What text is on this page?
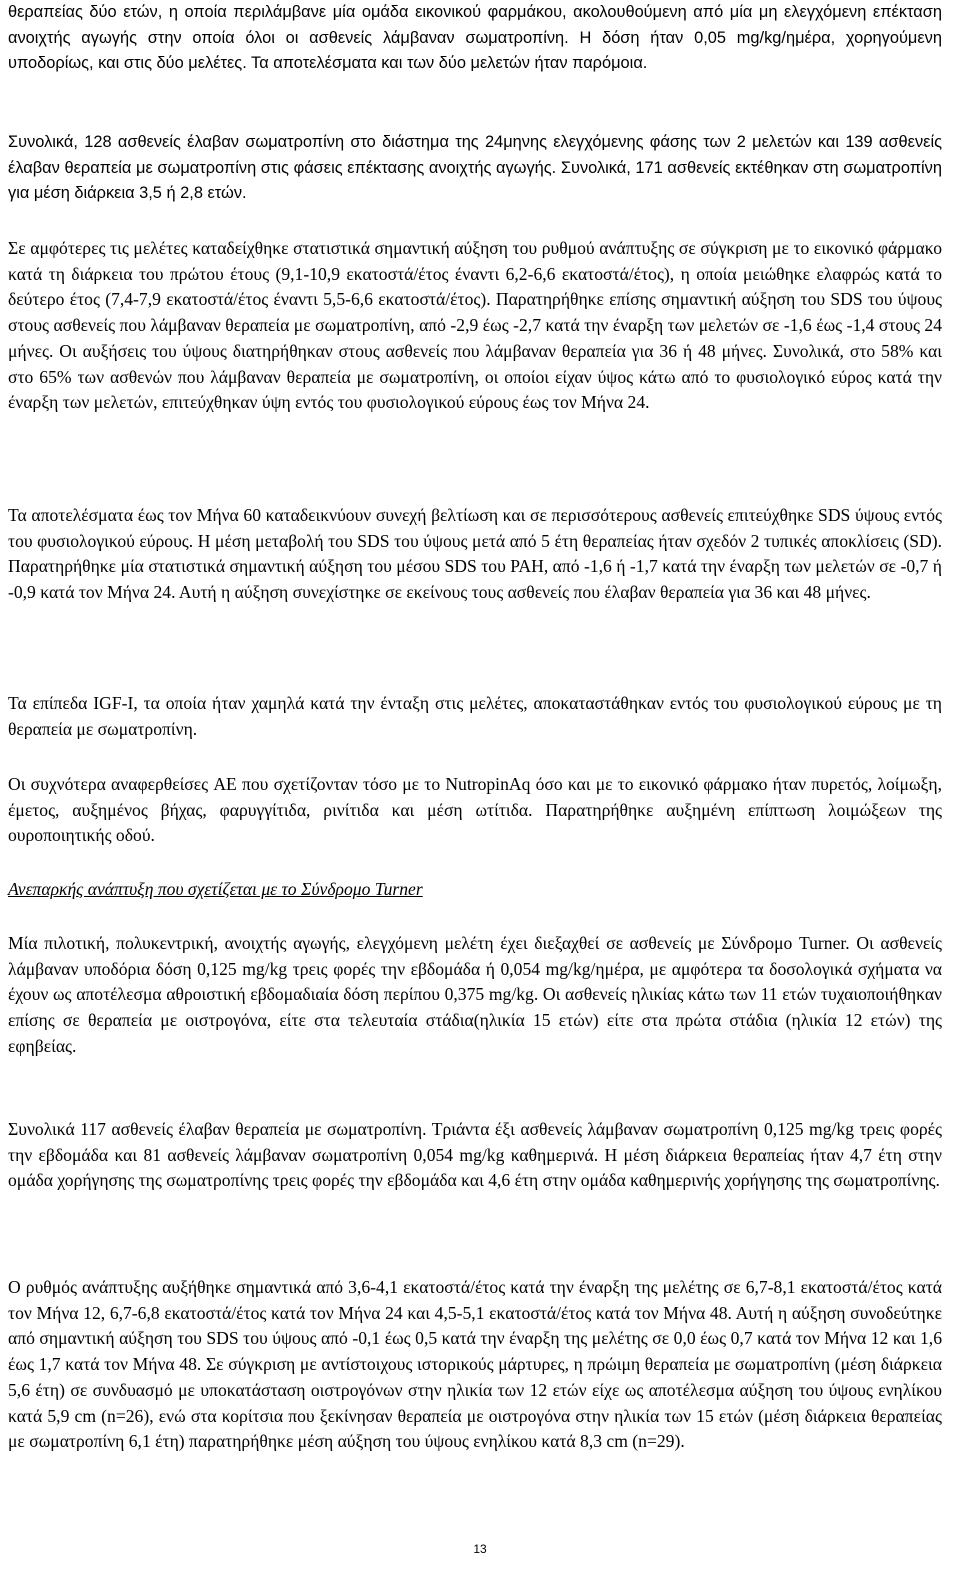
θεραπείας δύο ετών, η οποία περιλάμβανε μία ομάδα εικονικού φαρμάκου, ακολουθούμενη από μία μη ελεγχόμενη επέκταση ανοιχτής αγωγής στην οποία όλοι οι ασθενείς λάμβαναν σωματροπίνη. Η δόση ήταν 0,05 mg/kg/ημέρα, χορηγούμενη υποδορίως, και στις δύο μελέτες. Τα αποτελέσματα και των δύο μελετών ήταν παρόμοια.

Συνολικά, 128 ασθενείς έλαβαν σωματροπίνη στο διάστημα της 24μηνης ελεγχόμενης φάσης των 2 μελετών και 139 ασθενείς έλαβαν θεραπεία με σωματροπίνη στις φάσεις επέκτασης ανοιχτής αγωγής. Συνολικά, 171 ασθενείς εκτέθηκαν στη σωματροπίνη για μέση διάρκεια 3,5 ή 2,8 ετών.

Σε αμφότερες τις μελέτες καταδείχθηκε στατιστικά σημαντική αύξηση του ρυθμού ανάπτυξης σε σύγκριση με το εικονικό φάρμακο κατά τη διάρκεια του πρώτου έτους (9,1-10,9 εκατοστά/έτος έναντι 6,2-6,6 εκατοστά/έτος), η οποία μειώθηκε ελαφρώς κατά το δεύτερο έτος (7,4-7,9 εκατοστά/έτος έναντι 5,5-6,6 εκατοστά/έτος). Παρατηρήθηκε επίσης σημαντική αύξηση του SDS του ύψους στους ασθενείς που λάμβαναν θεραπεία με σωματροπίνη, από -2,9 έως -2,7 κατά την έναρξη των μελετών σε -1,6 έως -1,4 στους 24 μήνες. Οι αυξήσεις του ύψους διατηρήθηκαν στους ασθενείς που λάμβαναν θεραπεία για 36 ή 48 μήνες. Συνολικά, στο 58% και στο 65% των ασθενών που λάμβαναν θεραπεία με σωματροπίνη, οι οποίοι είχαν ύψος κάτω από το φυσιολογικό εύρος κατά την έναρξη των μελετών, επιτεύχθηκαν ύψη εντός του φυσιολογικού εύρους έως τον Μήνα 24.

Τα αποτελέσματα έως τον Μήνα 60 καταδεικνύουν συνεχή βελτίωση και σε περισσότερους ασθενείς επιτεύχθηκε SDS ύψους εντός του φυσιολογικού εύρους. Η μέση μεταβολή του SDS του ύψους μετά από 5 έτη θεραπείας ήταν σχεδόν 2 τυπικές αποκλίσεις (SD). Παρατηρήθηκε μία στατιστικά σημαντική αύξηση του μέσου SDS του PAH, από -1,6 ή -1,7 κατά την έναρξη των μελετών σε -0,7 ή -0,9 κατά τον Μήνα 24. Αυτή η αύξηση συνεχίστηκε σε εκείνους τους ασθενείς που έλαβαν θεραπεία για 36 και 48 μήνες.

Τα επίπεδα IGF-I, τα οποία ήταν χαμηλά κατά την ένταξη στις μελέτες, αποκαταστάθηκαν εντός του φυσιολογικού εύρους με τη θεραπεία με σωματροπίνη.

Οι συχνότερα αναφερθείσες AE που σχετίζονταν τόσο με το NutropinAq όσο και με το εικονικό φάρμακο ήταν πυρετός, λοίμωξη, έμετος, αυξημένος βήχας, φαρυγγίτιδα, ρινίτιδα και μέση ωτίτιδα. Παρατηρήθηκε αυξημένη επίπτωση λοιμώξεων της ουροποιητικής οδού.

Ανεπαρκής ανάπτυξη που σχετίζεται με το Σύνδρομο Turner

Μία πιλοτική, πολυκεντρική, ανοιχτής αγωγής, ελεγχόμενη μελέτη έχει διεξαχθεί σε ασθενείς με Σύνδρομο Turner. Οι ασθενείς λάμβαναν υποδόρια δόση 0,125 mg/kg τρεις φορές την εβδομάδα ή 0,054 mg/kg/ημέρα, με αμφότερα τα δοσολογικά σχήματα να έχουν ως αποτέλεσμα αθροιστική εβδομαδιαία δόση περίπου 0,375 mg/kg. Οι ασθενείς ηλικίας κάτω των 11 ετών τυχαιοποιήθηκαν επίσης σε θεραπεία με οιστρογόνα, είτε στα τελευταία στάδια(ηλικία 15 ετών) είτε στα πρώτα στάδια (ηλικία 12 ετών) της εφηβείας.

Συνολικά 117 ασθενείς έλαβαν θεραπεία με σωματροπίνη. Τριάντα έξι ασθενείς λάμβαναν σωματροπίνη 0,125 mg/kg τρεις φορές την εβδομάδα και 81 ασθενείς λάμβαναν σωματροπίνη 0,054 mg/kg καθημερινά. Η μέση διάρκεια θεραπείας ήταν 4,7 έτη στην ομάδα χορήγησης της σωματροπίνης τρεις φορές την εβδομάδα και 4,6 έτη στην ομάδα καθημερινής χορήγησης της σωματροπίνης.

Ο ρυθμός ανάπτυξης αυξήθηκε σημαντικά από 3,6-4,1 εκατοστά/έτος κατά την έναρξη της μελέτης σε 6,7-8,1 εκατοστά/έτος κατά τον Μήνα 12, 6,7-6,8 εκατοστά/έτος κατά τον Μήνα 24 και 4,5-5,1 εκατοστά/έτος κατά τον Μήνα 48. Αυτή η αύξηση συνοδεύτηκε από σημαντική αύξηση του SDS του ύψους από -0,1 έως 0,5 κατά την έναρξη της μελέτης σε 0,0 έως 0,7 κατά τον Μήνα 12 και 1,6 έως 1,7 κατά τον Μήνα 48. Σε σύγκριση με αντίστοιχους ιστορικούς μάρτυρες, η πρώιμη θεραπεία με σωματροπίνη (μέση διάρκεια 5,6 έτη) σε συνδυασμό με υποκατάσταση οιστρογόνων στην ηλικία των 12 ετών είχε ως αποτέλεσμα αύξηση του ύψους ενηλίκου κατά 5,9 cm (n=26), ενώ στα κορίτσια που ξεκίνησαν θεραπεία με οιστρογόνα στην ηλικία των 15 ετών (μέση διάρκεια θεραπείας με σωματροπίνη 6,1 έτη) παρατηρήθηκε μέση αύξηση του ύψους ενηλίκου κατά 8,3 cm (n=29).

13
